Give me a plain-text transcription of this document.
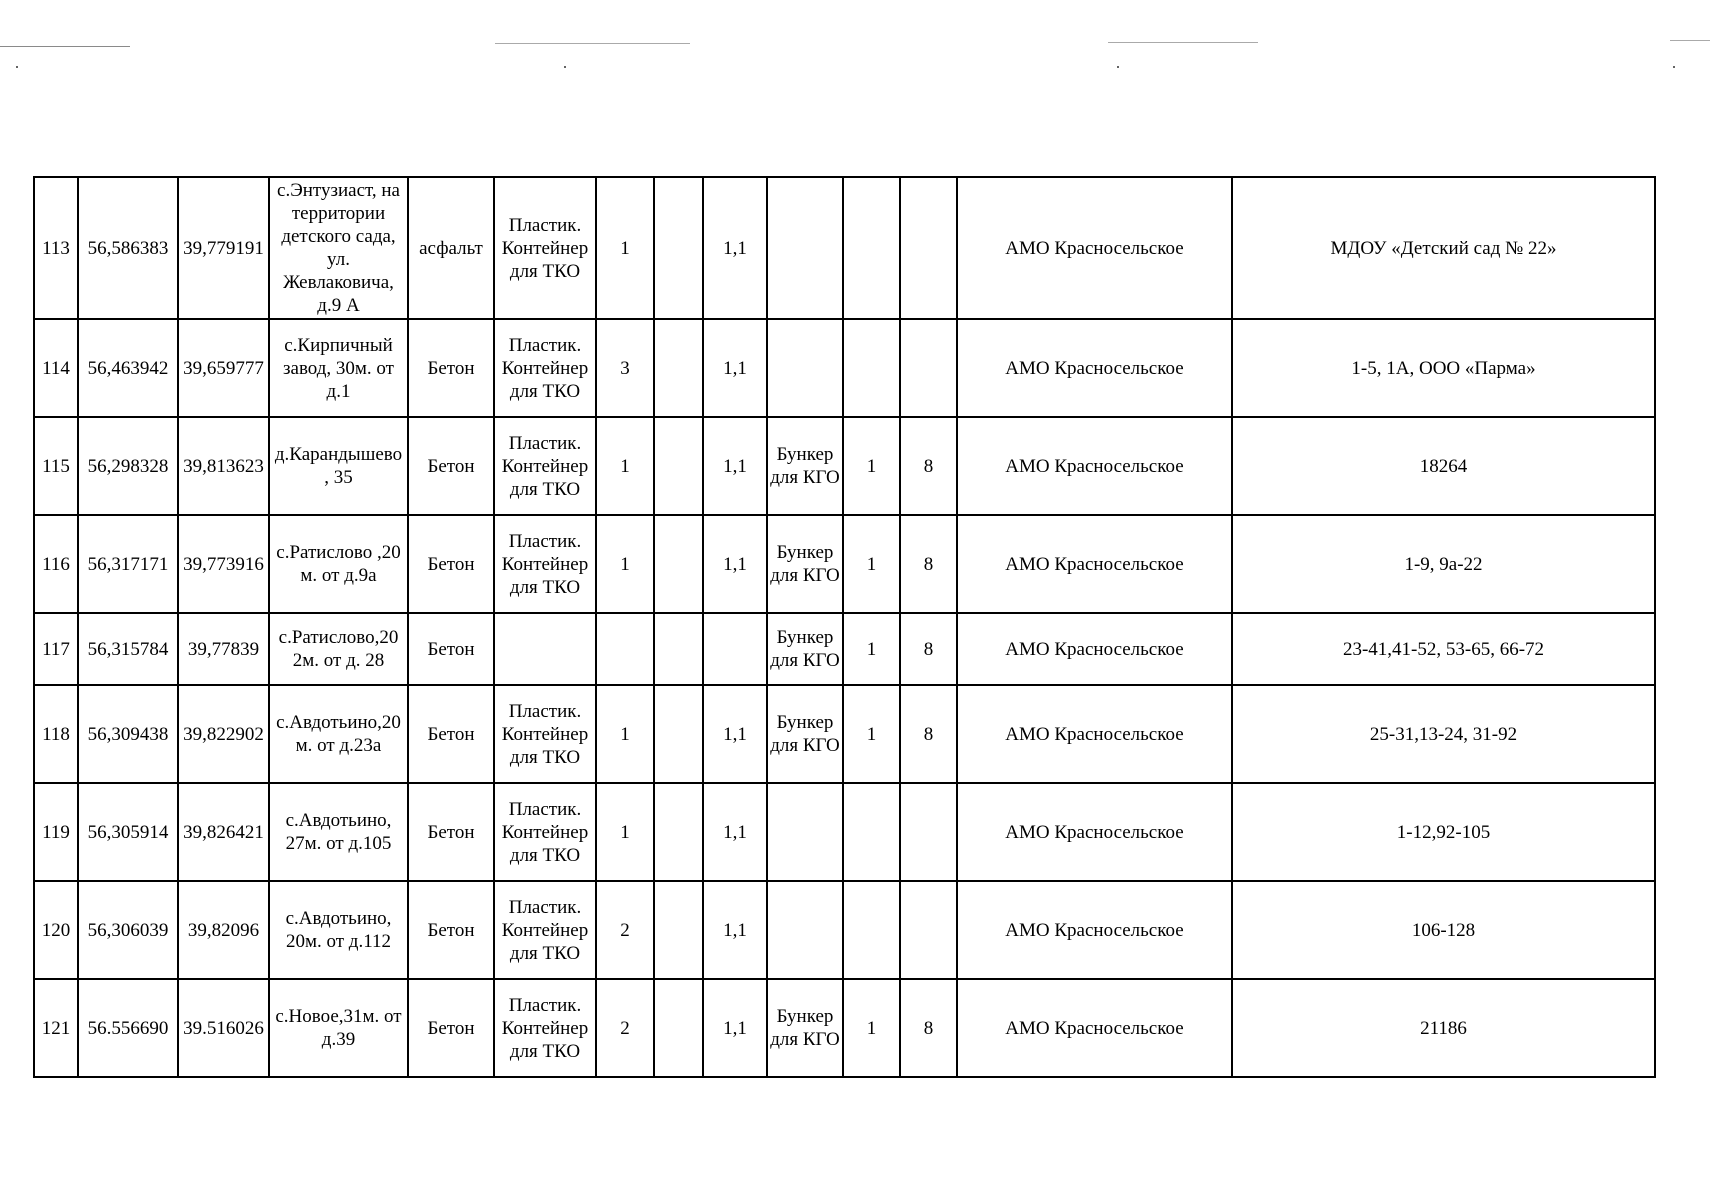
113	56,586383	39,779191	с.Энтузиаст, на территории детского сада, ул. Жевлаковича, д.9 А	асфальт	Пластик. Контейнер для ТКО	1		1,1				АМО Красносельское	МДОУ «Детский сад № 22»
114	56,463942	39,659777	с.Кирпичный завод, 30м. от д.1	Бетон	Пластик. Контейнер для ТКО	3		1,1				АМО Красносельское	1-5, 1А, ООО «Парма»
115	56,298328	39,813623	д.Карандышево , 35	Бетон	Пластик. Контейнер для ТКО	1		1,1	Бункер для КГО	1	8	АМО Красносельское	18264
116	56,317171	39,773916	с.Ратислово ,20 м. от д.9а	Бетон	Пластик. Контейнер для ТКО	1		1,1	Бункер для КГО	1	8	АМО Красносельское	1-9, 9а-22
117	56,315784	39,77839	с.Ратислово,20 2м. от д. 28	Бетон					Бункер для КГО	1	8	АМО Красносельское	23-41,41-52, 53-65, 66-72
118	56,309438	39,822902	с.Авдотьино,20 м. от д.23а	Бетон	Пластик. Контейнер для ТКО	1		1,1	Бункер для КГО	1	8	АМО Красносельское	25-31,13-24, 31-92
119	56,305914	39,826421	с.Авдотьино, 27м. от д.105	Бетон	Пластик. Контейнер для ТКО	1		1,1				АМО Красносельское	1-12,92-105
120	56,306039	39,82096	с.Авдотьино, 20м. от д.112	Бетон	Пластик. Контейнер для ТКО	2		1,1				АМО Красносельское	106-128
121	56.556690	39.516026	с.Новое,31м. от д.39	Бетон	Пластик. Контейнер для ТКО	2		1,1	Бункер для КГО	1	8	АМО Красносельское	21186
